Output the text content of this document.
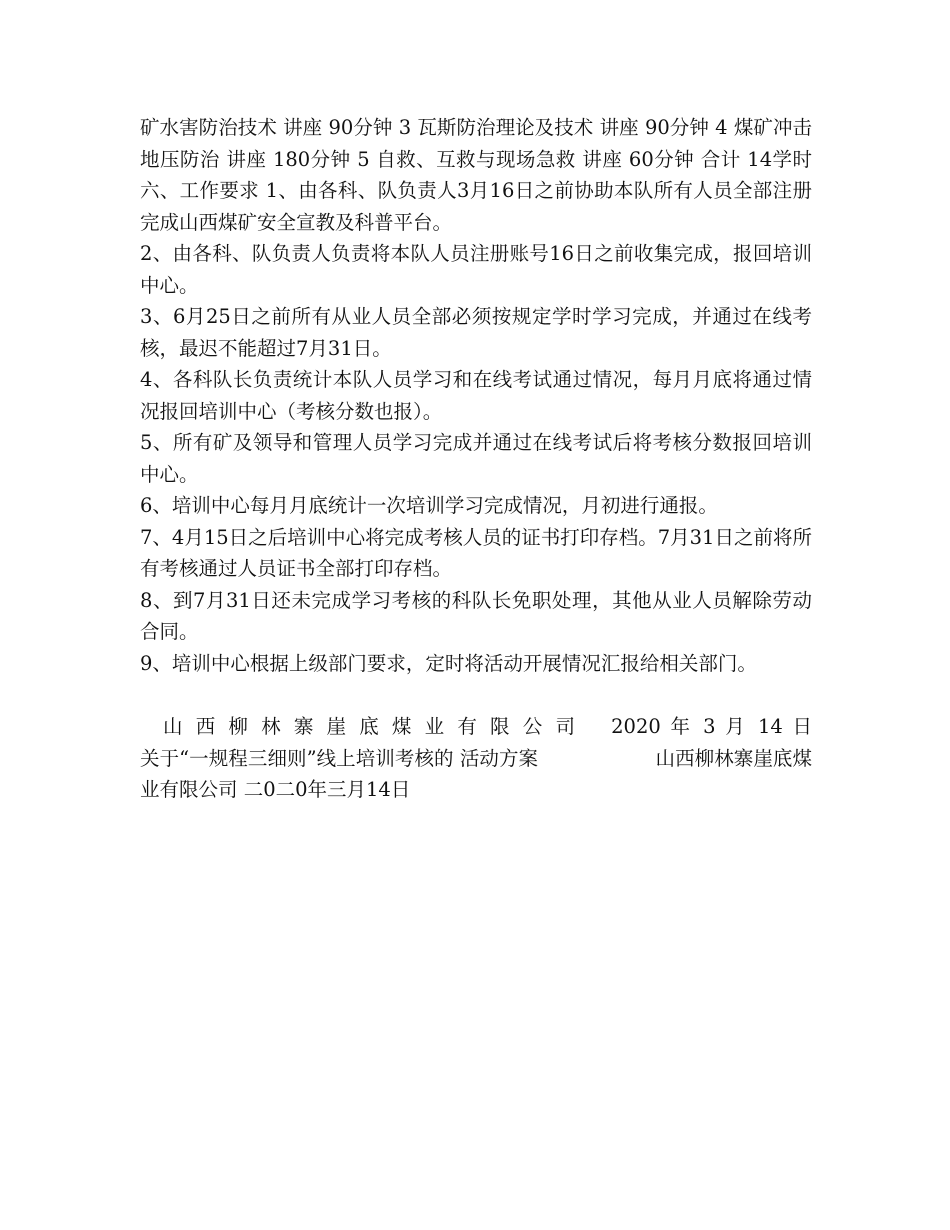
矿水害防治技术 讲座 90分钟 3 瓦斯防治理论及技术 讲座 90分钟 4 煤矿冲击地压防治 讲座 180分钟 5 自救、互救与现场急救 讲座 60分钟 合计 14学时 六、工作要求 1、由各科、队负责人3月16日之前协助本队所有人员全部注册完成山西煤矿安全宣教及科普平台。

2、由各科、队负责人负责将本队人员注册账号16日之前收集完成，报回培训中心。

3、6月25日之前所有从业人员全部必须按规定学时学习完成，并通过在线考核，最迟不能超过7月31日。

4、各科队长负责统计本队人员学习和在线考试通过情况，每月月底将通过情况报回培训中心（考核分数也报）。

5、所有矿及领导和管理人员学习完成并通过在线考试后将考核分数报回培训中心。

6、培训中心每月月底统计一次培训学习完成情况，月初进行通报。

7、4月15日之后培训中心将完成考核人员的证书打印存档。7月31日之前将所有考核通过人员证书全部打印存档。

8、到7月31日还未完成学习考核的科队长免职处理，其他从业人员解除劳动合同。

9、培训中心根据上级部门要求，定时将活动开展情况汇报给相关部门。

　山 西 柳 林 寨 崖 底 煤 业 有 限 公 司　 2020 年 3 月 14 日

关于“一规程三细则”线上培训考核的 活动方案　　　　　　山西柳林寨崖底煤业有限公司 二0二0年三月14日
